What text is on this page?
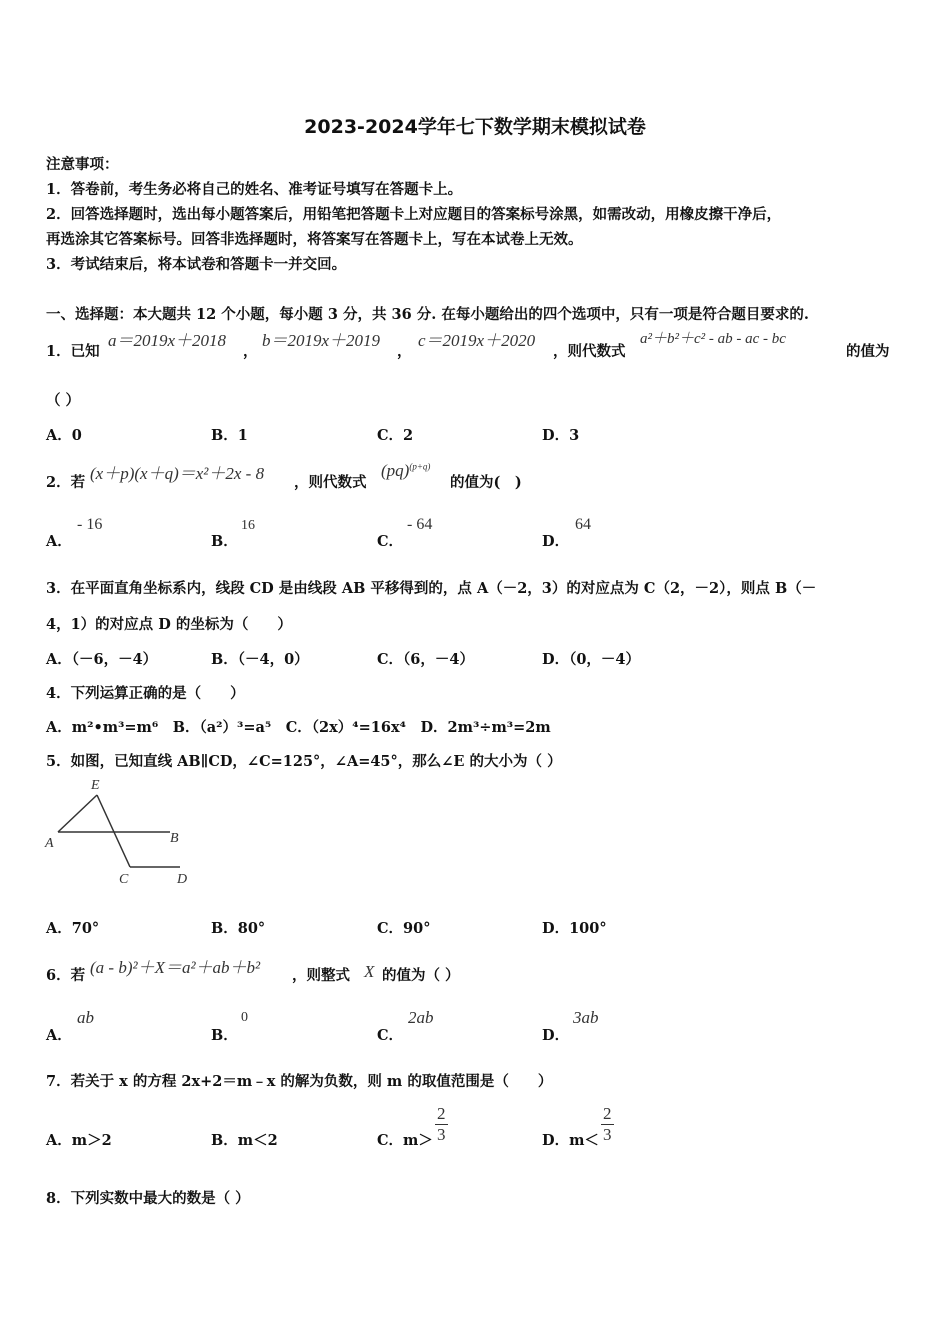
2023-2024学年七下数学期末模拟试卷
注意事项：
1．答卷前，考生务必将自己的姓名、准考证号填写在答题卡上。
2．回答选择题时，选出每小题答案后，用铅笔把答题卡上对应题目的答案标号涂黑，如需改动，用橡皮擦干净后，
再选涂其它答案标号。回答非选择题时，将答案写在答题卡上，写在本试卷上无效。
3．考试结束后，将本试卷和答题卡一并交回。
一、选择题：本大题共 12 个小题，每小题 3 分，共 36 分. 在每小题给出的四个选项中，只有一项是符合题目要求的.
1．已知
a＝2019x＋2018
，
b＝2019x＋2019
，
c＝2019x＋2020
，则代数式
a²＋b²＋c² - ab - ac - bc
的值为
（ ）
A．0	B．1	C．2	D．3
2．若 (x＋p)(x＋q)＝x²＋2x - 8 ，则代数式
(pq)$^{(p+q)}$
的值为(　)
A．
- 16
B．
16
C．
- 64
D．
64
3．在平面直角坐标系内，线段 CD 是由线段 AB 平移得到的，点 A（－2，3）的对应点为 C（2，－2），则点 B（－
4，1）的对应点 D 的坐标为（　　）
A．（－6，－4）	B．（－4，0）	C．（6，－4）	D．（0，－4）
4．下列运算正确的是（　　）
A．m²•m³=m⁶　B．（a²）³=a⁵　C．（2x）⁴=16x⁴　D．2m³÷m³=2m
5．如图，已知直线 AB∥CD，∠C=125°，∠A=45°，那么∠E 的大小为（ ）
E
A	B
C	D
A．70°	B．80°	C．90°	D．100°
6．若 (a - b)²＋X＝a²＋ab＋b² ，则整式 X 的值为（ ）
A．
ab
B．
0
C．
2ab
D．
3ab
7．若关于 x 的方程 2x+2＝m﹣x 的解为负数，则 m 的取值范围是（　　）
A．m＞2	B．m＜2	C．$m> \frac{2}{3}$	D．$m< \frac{2}{3}$
8．下列实数中最大的数是（ ）
